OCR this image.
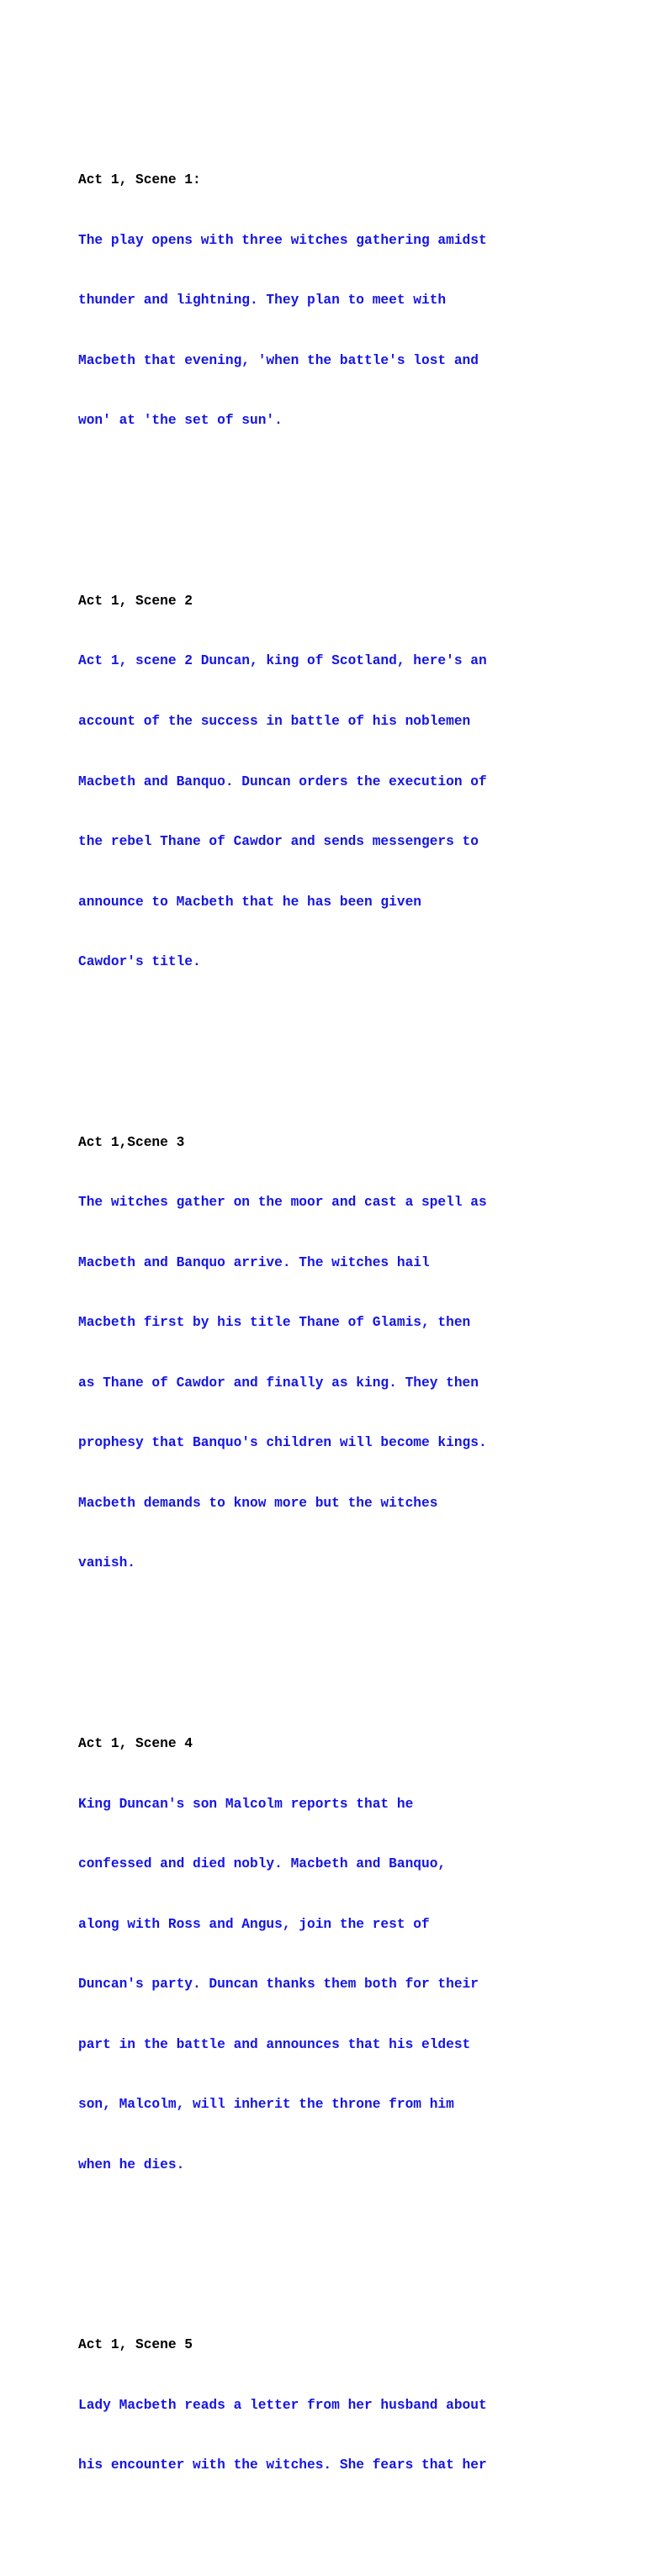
Act 1, Scene 1:

The play opens with three witches gathering amidst

thunder and lightning. They plan to meet with

Macbeth that evening, 'when the battle's lost and

won' at 'the set of sun'.

Act 1, Scene 2

Act 1, scene 2 Duncan, king of Scotland, here's an

account of the success in battle of his noblemen

Macbeth and Banquo. Duncan orders the execution of

the rebel Thane of Cawdor and sends messengers to

announce to Macbeth that he has been given

Cawdor's title.

Act 1,Scene 3

The witches gather on the moor and cast a spell as

Macbeth and Banquo arrive. The witches hail

Macbeth first by his title Thane of Glamis, then

as Thane of Cawdor and finally as king. They then

prophesy that Banquo's children will become kings.

Macbeth demands to know more but the witches

vanish.

Act 1, Scene 4

King Duncan's son Malcolm reports that he

confessed and died nobly. Macbeth and Banquo,

along with Ross and Angus, join the rest of

Duncan's party. Duncan thanks them both for their

part in the battle and announces that his eldest

son, Malcolm, will inherit the throne from him

when he dies.

Act 1, Scene 5

Lady Macbeth reads a letter from her husband about

his encounter with the witches. She fears that her
